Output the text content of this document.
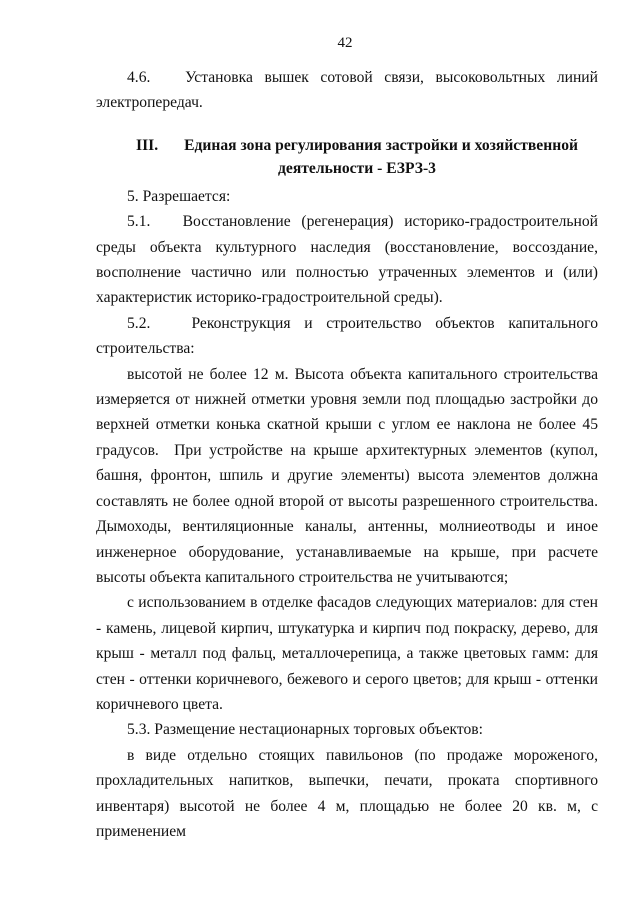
42

4.6.   Установка вышек сотовой связи, высоковольтных линий электропередач.

III. Единая зона регулирования застройки и хозяйственной деятельности - ЕЗРЗ-3

5. Разрешается:

5.1.   Восстановление (регенерация) историко-градостроительной среды объекта культурного наследия (восстановление, воссоздание, восполнение частично или полностью утраченных элементов и (или) характеристик историко-градостроительной среды).

5.2.   Реконструкция и строительство объектов капитального строительства:

высотой не более 12 м. Высота объекта капитального строительства измеряется от нижней отметки уровня земли под площадью застройки до верхней отметки конька скатной крыши с углом ее наклона не более 45 градусов.  При устройстве на крыше архитектурных элементов (купол, башня, фронтон, шпиль и другие элементы) высота элементов должна составлять не более одной второй от высоты разрешенного строительства. Дымоходы, вентиляционные каналы, антенны, молниеотводы и иное инженерное оборудование, устанавливаемые на крыше, при расчете высоты объекта капитального строительства не учитываются;

с использованием в отделке фасадов следующих материалов: для стен - камень, лицевой кирпич, штукатурка и кирпич под покраску, дерево, для крыш - металл под фальц, металлочерепица, а также цветовых гамм: для стен - оттенки коричневого, бежевого и серого цветов; для крыш - оттенки коричневого цвета.

5.3. Размещение нестационарных торговых объектов:

в виде отдельно стоящих павильонов (по продаже мороженого, прохладительных напитков, выпечки, печати, проката спортивного инвентаря) высотой не более 4 м, площадью не более 20 кв. м, с применением
